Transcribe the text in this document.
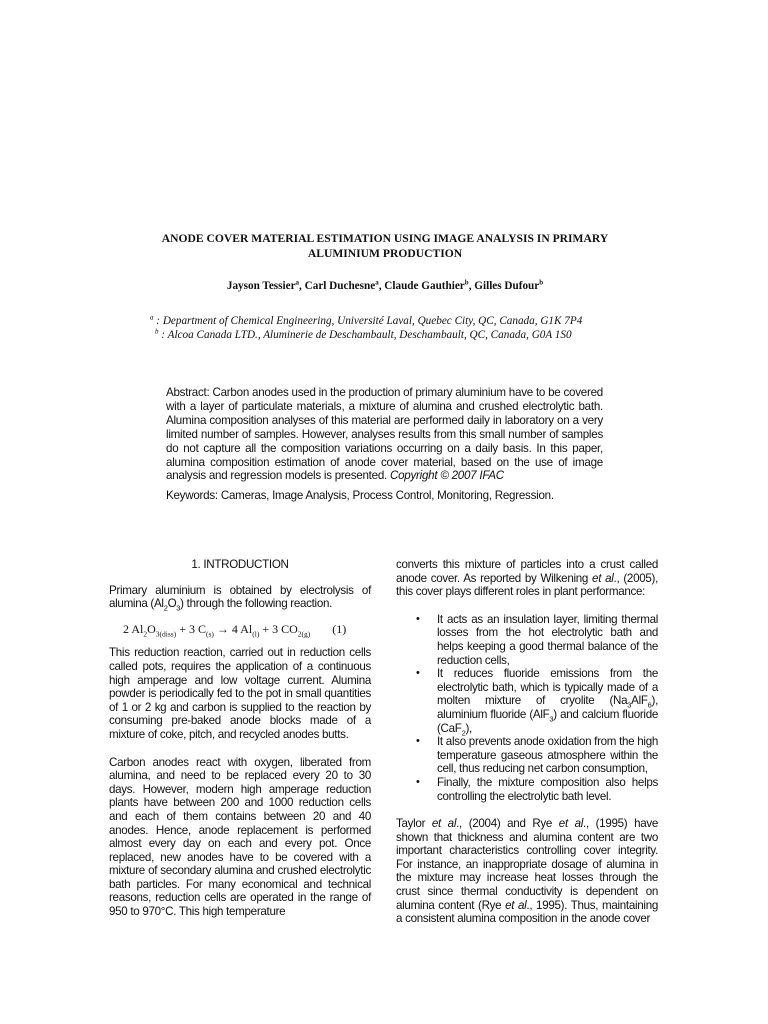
ANODE COVER MATERIAL ESTIMATION USING IMAGE ANALYSIS IN PRIMARY
ALUMINIUM PRODUCTION
Jayson Tessier$^a$, Carl Duchesne$^a$, Claude Gauthier$^b$, Gilles Dufour$^b$
$^a$ : Department of Chemical Engineering, Université Laval, Quebec City, QC, Canada, G1K 7P4
$^b$ : Alcoa Canada LTD., Aluminerie de Deschambault, Deschambault, QC, Canada, G0A 1S0
Abstract: Carbon anodes used in the production of primary aluminium have to be covered with a layer of particulate materials, a mixture of alumina and crushed electrolytic bath. Alumina composition analyses of this material are performed daily in laboratory on a very limited number of samples. However, analyses results from this small number of samples do not capture all the composition variations occurring on a daily basis. In this paper, alumina composition estimation of anode cover material, based on the use of image analysis and regression models is presented. Copyright © 2007 IFAC
Keywords: Cameras, Image Analysis, Process Control, Monitoring, Regression.

1. INTRODUCTION

Primary aluminium is obtained by electrolysis of alumina $(Al_2O_3)$ through the following reaction.

2 $Al_2O_{3(diss)} + 3$ $C_{(s)} \to 4$ $Al_{(l)} + 3$ $CO_{2(g)}$ (1)

This reduction reaction, carried out in reduction cells called pots, requires the application of a continuous high amperage and low voltage current. Alumina powder is periodically fed to the pot in small quantities of 1 or 2 kg and carbon is supplied to the reaction by consuming pre-baked anode blocks made of a mixture of coke, pitch, and recycled anodes butts.

Carbon anodes react with oxygen, liberated from alumina, and need to be replaced every 20 to 30 days. However, modern high amperage reduction plants have between 200 and 1000 reduction cells and each of them contains between 20 and 40 anodes. Hence, anode replacement is performed almost every day on each and every pot. Once replaced, new anodes have to be covered with a mixture of secondary alumina and crushed electrolytic bath particles. For many economical and technical reasons, reduction cells are operated in the range of 950 to 970°C. This high temperature

converts this mixture of particles into a crust called anode cover. As reported by Wilkening et al., (2005), this cover plays different roles in plant performance:

• It acts as an insulation layer, limiting thermal losses from the hot electrolytic bath and helps keeping a good thermal balance of the reduction cells,
• It reduces fluoride emissions from the electrolytic bath, which is typically made of a molten mixture of cryolite $(Na_3AlF_6)$, aluminium fluoride (AlF$_3$) and calcium fluoride (CaF$_2$),
• It also prevents anode oxidation from the high temperature gaseous atmosphere within the cell, thus reducing net carbon consumption,
• Finally, the mixture composition also helps controlling the electrolytic bath level.

Taylor et al., (2004) and Rye et al., (1995) have shown that thickness and alumina content are two important characteristics controlling cover integrity. For instance, an inappropriate dosage of alumina in the mixture may increase heat losses through the crust since thermal conductivity is dependent on alumina content (Rye et al., 1995). Thus, maintaining a consistent alumina composition in the anode cover
